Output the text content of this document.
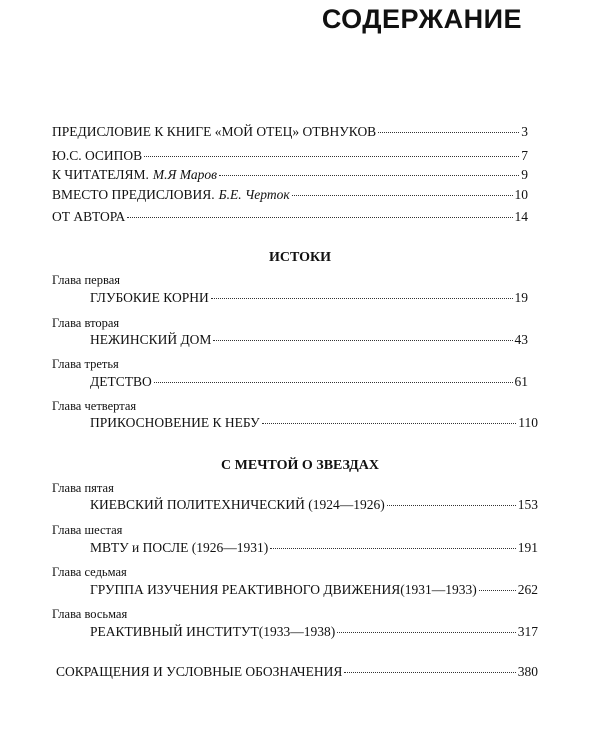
СОДЕРЖАНИЕ
ПРЕДИСЛОВИЕ К КНИГЕ «МОЙ ОТЕЦ» ОТВНУКОВ	3
Ю.С. ОСИПОВ	7
К ЧИТАТЕЛЯМ. М.Я Маров	9
ВМЕСТО ПРЕДИСЛОВИЯ. Б.Е. Черток	10
ОТ АВТОРА	14
ИСТОКИ
Глава первая
ГЛУБОКИЕ КОРНИ	19
Глава вторая
НЕЖИНСКИЙ ДОМ	43
Глава третья
ДЕТСТВО	61
Глава четвертая
ПРИКОСНОВЕНИЕ К НЕБУ	110
С МЕЧТОЙ О ЗВЕЗДАХ
Глава пятая
КИЕВСКИЙ ПОЛИТЕХНИЧЕСКИЙ (1924—1926)	153
Глава шестая
МВТУ и ПОСЛЕ (1926—1931)	191
Глава седьмая
ГРУППА ИЗУЧЕНИЯ РЕАКТИВНОГО ДВИЖЕНИЯ(1931—1933)	262
Глава восьмая
РЕАКТИВНЫЙ ИНСТИТУТ(1933—1938)	317
СОКРАЩЕНИЯ И УСЛОВНЫЕ ОБОЗНАЧЕНИЯ	380
